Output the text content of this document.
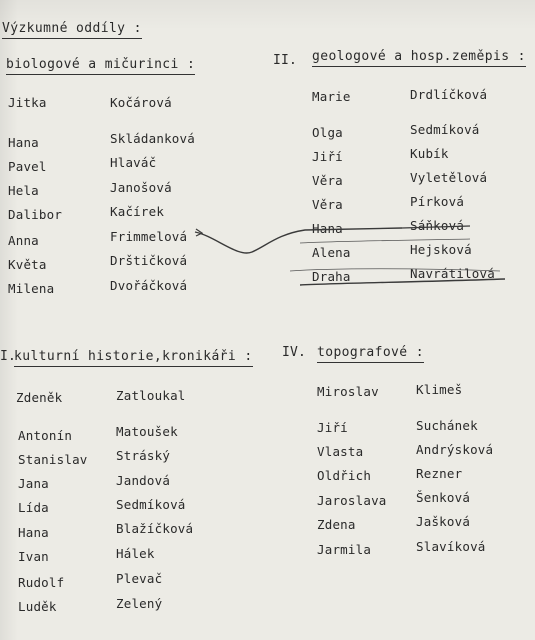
Výzkumné oddíly :
biologové a mičurinci :
Jitka	Kočárová
Hana	Skládanková
Pavel	Hlaváč
Hela	Janošová
Dalibor	Kačírek
Anna	Frimmelová
Květa	Drštičková
Milena	Dvořáčková
II. geologové a hosp.zeměpis :
Marie	Drdlíčková
Olga	Sedmíková
Jiří	Kubík
Věra	Vyletělová
Věra	Pírková
Hana	Sáňková
Alena	Hejsková
Draha	Navrátilová
I.
kulturní historie,kronikáři :
Zdeněk	Zatloukal
Antonín	Matoušek
Stanislav Stráský
Jana	Jandová
Lída	Sedmíková
Hana	Blažíčková
Ivan	Hálek
Rudolf	Plevač
Luděk	Zelený
IV. topografové :
Miroslav	Klimeš
Jiří	Suchánek
Vlasta	Andrýsková
Oldřich	Rezner
Jaroslava Šenková
Zdena	Jašková
Jarmila	Slavíková
